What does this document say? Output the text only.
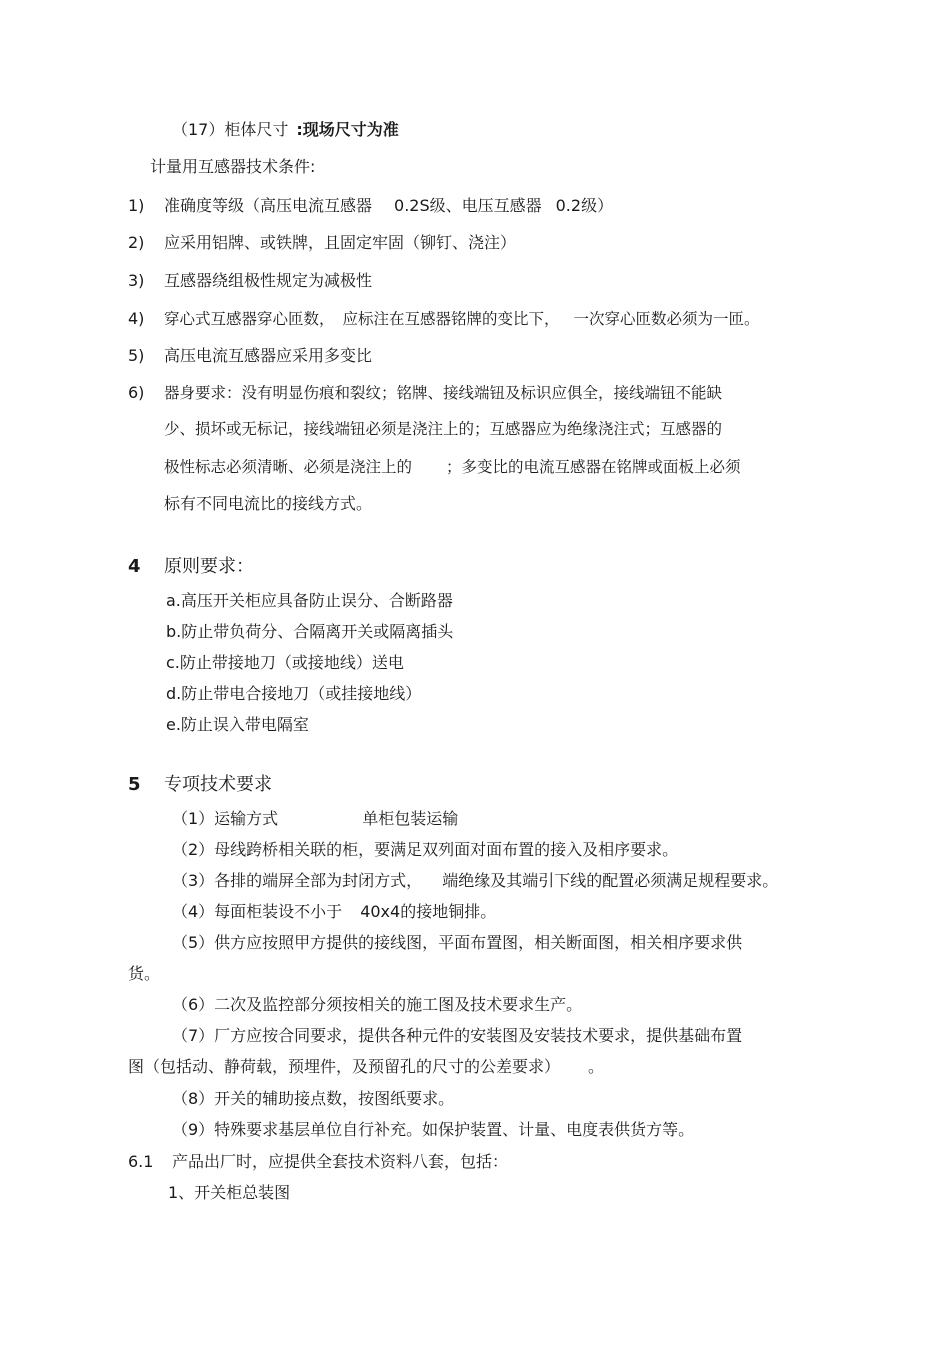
（17）柜体尺寸 :现场尺寸为准
计量用互感器技术条件:
1) 准确度等级（高压电流互感器 0.2S级、电压互感器 0.2级）
2) 应采用铝牌、或铁牌，且固定牢固（铆钉、浇注）
3) 互感器绕组极性规定为减极性
4) 穿心式互感器穿心匝数， 应标注在互感器铭牌的变比下， 一次穿心匝数必须为一匝。
5) 高压电流互感器应采用多变比
6) 器身要求：没有明显伤痕和裂纹；铭牌、接线端钮及标识应俱全，接线端钮不能缺
少、损坏或无标记，接线端钮必须是浇注上的；互感器应为绝缘浇注式；互感器的
极性标志必须清晰、必须是浇注上的 ；多变比的电流互感器在铭牌或面板上必须
标有不同电流比的接线方式。
4 原则要求：
a.高压开关柜应具备防止误分、合断路器
b.防止带负荷分、合隔离开关或隔离插头
c.防止带接地刀（或接地线）送电
d.防止带电合接地刀（或挂接地线）
e.防止误入带电隔室
5 专项技术要求
（1）运输方式	单柜包装运输
（2）母线跨桥相关联的柜，要满足双列面对面布置的接入及相序要求。
（3）各排的端屏全部为封闭方式， 端绝缘及其端引下线的配置必须满足规程要求。
（4）每面柜装设不小于 40x4的接地铜排。
（5）供方应按照甲方提供的接线图，平面布置图，相关断面图，相关相序要求供
货。
（6）二次及监控部分须按相关的施工图及技术要求生产。
（7）厂方应按合同要求，提供各种元件的安装图及安装技术要求，提供基础布置
图（包括动、静荷载，预埋件，及预留孔的尺寸的公差要求） 。
（8）开关的辅助接点数，按图纸要求。
（9）特殊要求基层单位自行补充。如保护装置、计量、电度表供货方等。
6.1 产品出厂时，应提供全套技术资料八套，包括：
1、开关柜总装图
